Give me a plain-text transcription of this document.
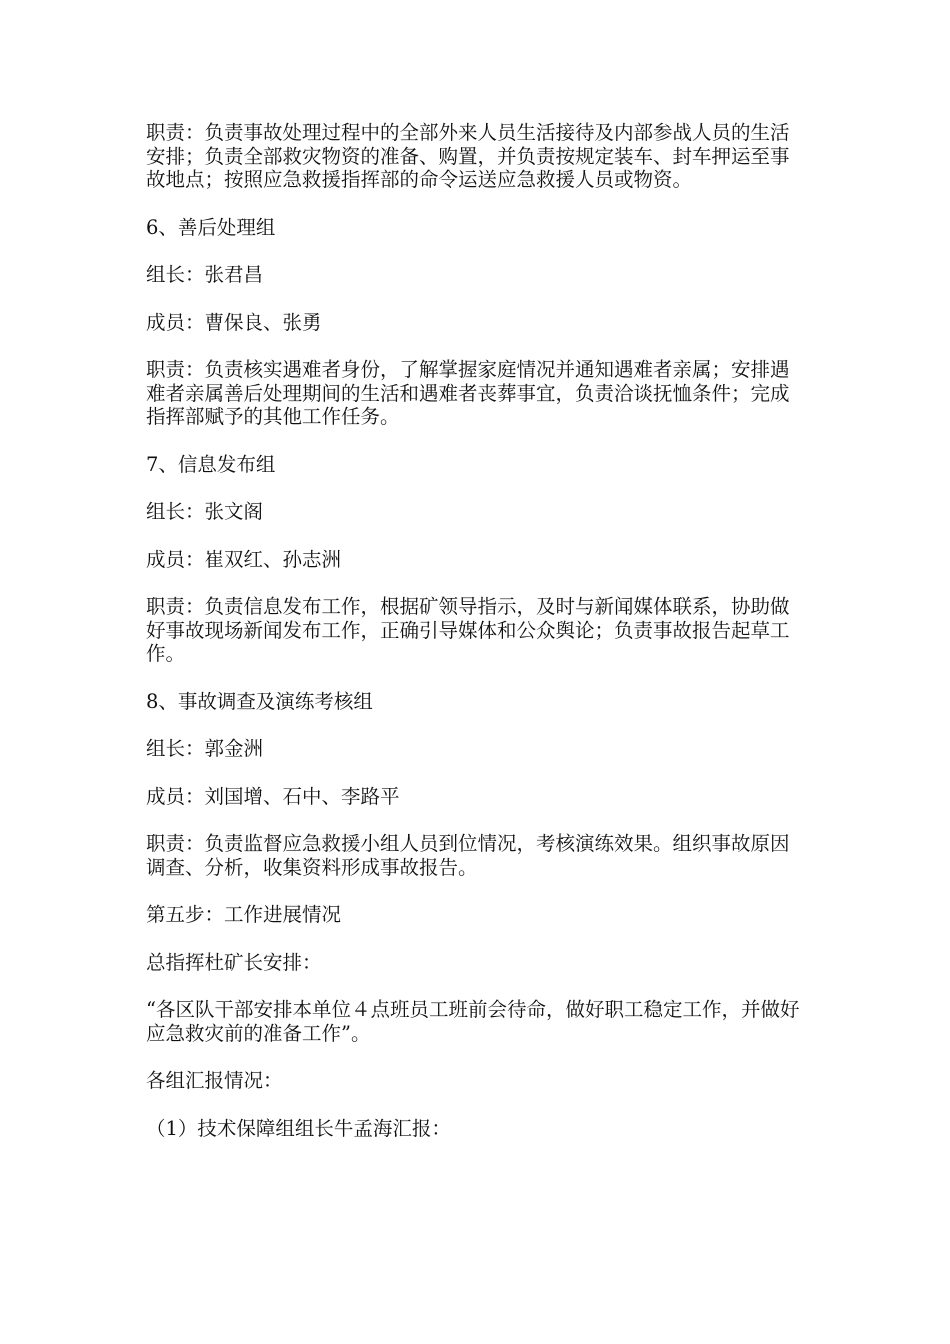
职责：负责事故处理过程中的全部外来人员生活接待及内部参战人员的生活安排；负责全部救灾物资的准备、购置，并负责按规定装车、封车押运至事故地点；按照应急救援指挥部的命令运送应急救援人员或物资。

6、善后处理组

组长：张君昌

成员：曹保良、张勇

职责：负责核实遇难者身份，了解掌握家庭情况并通知遇难者亲属；安排遇难者亲属善后处理期间的生活和遇难者丧葬事宜，负责洽谈抚恤条件；完成指挥部赋予的其他工作任务。

7、信息发布组

组长：张文阁

成员：崔双红、孙志洲

职责：负责信息发布工作，根据矿领导指示，及时与新闻媒体联系，协助做好事故现场新闻发布工作，正确引导媒体和公众舆论；负责事故报告起草工作。

8、事故调查及演练考核组

组长：郭金洲

成员：刘国增、石中、李路平

职责：负责监督应急救援小组人员到位情况，考核演练效果。组织事故原因调查、分析，收集资料形成事故报告。

第五步：工作进展情况

总指挥杜矿长安排：

“各区队干部安排本单位４点班员工班前会待命，做好职工稳定工作，并做好应急救灾前的准备工作”。

各组汇报情况：

（1）技术保障组组长牛孟海汇报：
